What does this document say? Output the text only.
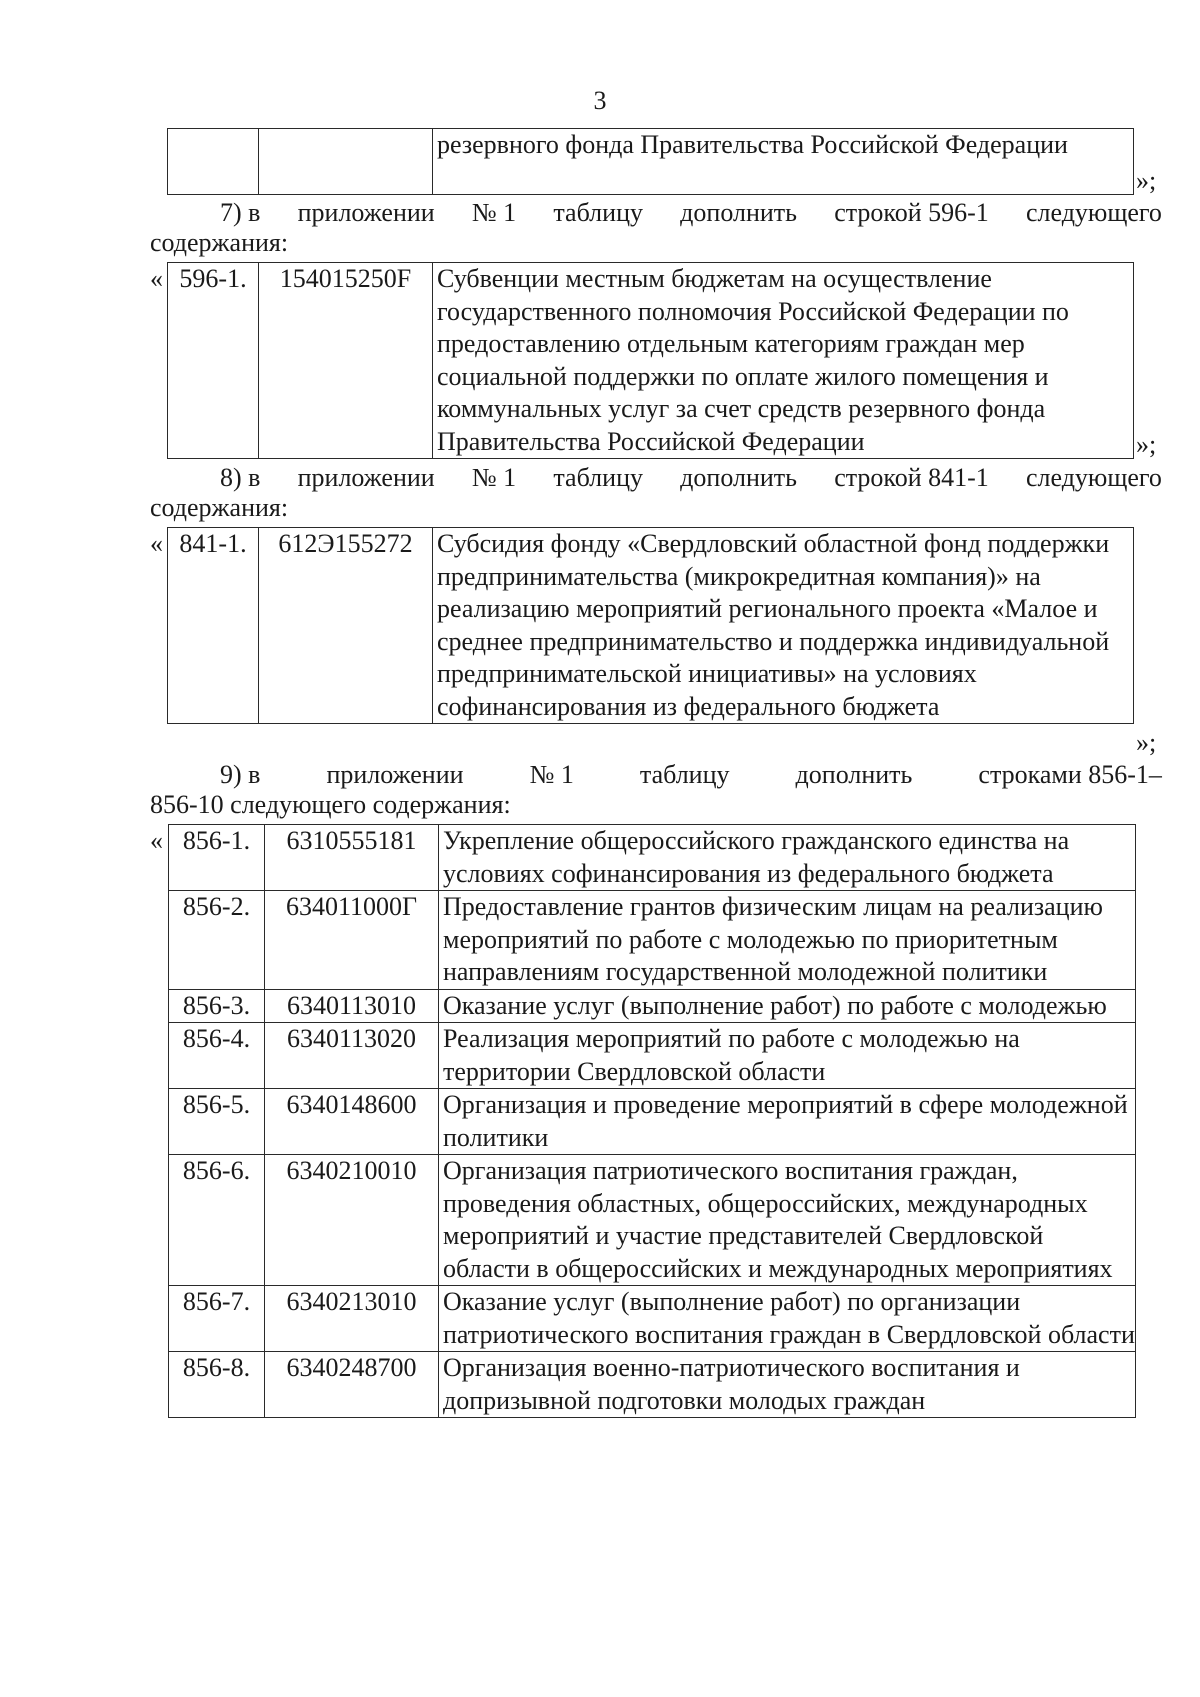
3
		резервного фонда Правительства Российской Федерации
»;
7) в приложении № 1 таблицу дополнить строкой 596-1 следующего
содержания:
« 596-1.	154015250F	Субвенции местным бюджетам на осуществление государственного полномочия Российской Федерации по предоставлению отдельным категориям граждан мер социальной поддержки по оплате жилого помещения и коммунальных услуг за счет средств резервного фонда Правительства Российской Федерации	»;
8) в приложении № 1 таблицу дополнить строкой 841-1 следующего
содержания:
« 841-1.	612Э155272	Субсидия фонду «Свердловский областной фонд поддержки предпринимательства (микрокредитная компания)» на реализацию мероприятий регионального проекта «Малое и среднее предпринимательство и поддержка индивидуальной предпринимательской инициативы» на условиях софинансирования из федерального бюджета
»;
9) в	приложении	№ 1	таблицу	дополнить	строками 856-1–
856-10 следующего содержания:
« 856-1.	6310555181	Укрепление общероссийского гражданского единства на условиях софинансирования из федерального бюджета
856-2.	634011000Г	Предоставление грантов физическим лицам на реализацию мероприятий по работе с молодежью по приоритетным направлениям государственной молодежной политики
856-3.	6340113010	Оказание услуг (выполнение работ) по работе с молодежью
856-4.	6340113020	Реализация мероприятий по работе с молодежью на территории Свердловской области
856-5.	6340148600	Организация и проведение мероприятий в сфере молодежной политики
856-6.	6340210010	Организация патриотического воспитания граждан, проведения областных, общероссийских, международных мероприятий и участие представителей Свердловской области в общероссийских и международных мероприятиях
856-7.	6340213010	Оказание услуг (выполнение работ) по организации патриотического воспитания граждан в Свердловской области
856-8.	6340248700	Организация военно-патриотического воспитания и допризывной подготовки молодых граждан
